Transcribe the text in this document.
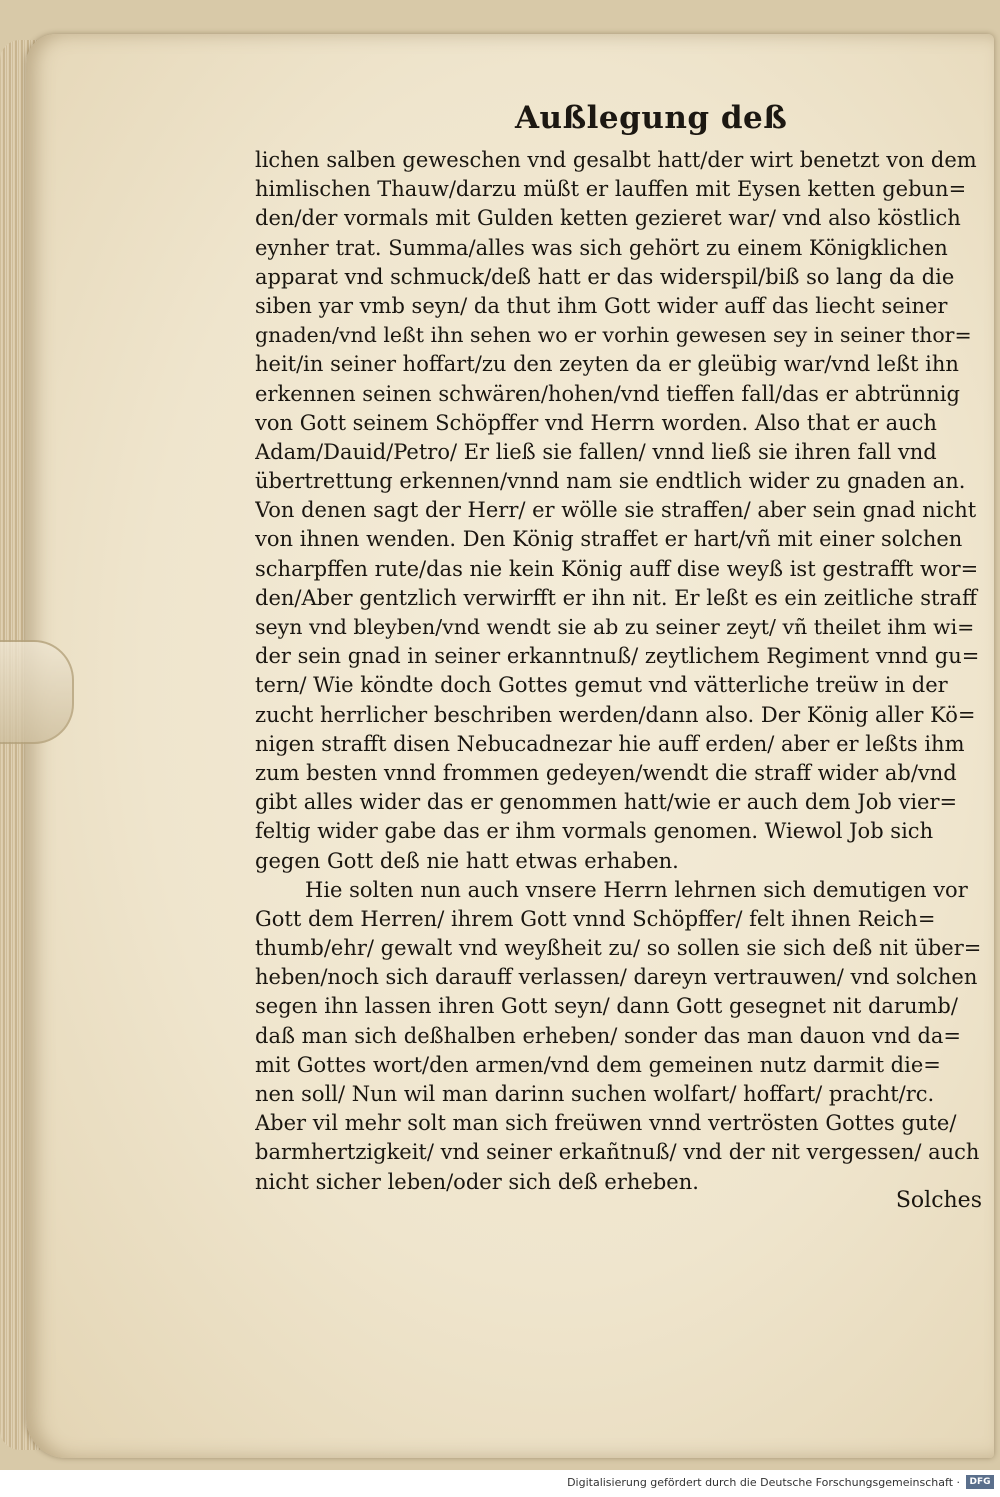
Außlegung deß
lichen salben geweschen vnd gesalbt hatt/der wirt benetzt von dem
himlischen Thauw/darzu müßt er lauffen mit Eysen ketten gebun=
den/der vormals mit Gulden ketten gezieret war/ vnd also köstlich
eynher trat. Summa/alles was sich gehört zu einem Königklichen
apparat vnd schmuck/deß hatt er das widerspil/biß so lang da die
siben yar vmb seyn/ da thut ihm Gott wider auff das liecht seiner
gnaden/vnd leßt ihn sehen wo er vorhin gewesen sey in seiner thor=
heit/in seiner hoffart/zu den zeyten da er gleübig war/vnd leßt ihn
erkennen seinen schwären/hohen/vnd tieffen fall/das er abtrünnig
von Gott seinem Schöpffer vnd Herrn worden. Also that er auch
Adam/Dauid/Petro/ Er ließ sie fallen/ vnnd ließ sie ihren fall vnd
übertrettung erkennen/vnnd nam sie endtlich wider zu gnaden an.
Von denen sagt der Herr/ er wölle sie straffen/ aber sein gnad nicht
von ihnen wenden. Den König straffet er hart/vñ mit einer solchen
scharpffen rute/das nie kein König auff dise weyß ist gestrafft wor=
den/Aber gentzlich verwirfft er ihn nit. Er leßt es ein zeitliche straff
seyn vnd bleyben/vnd wendt sie ab zu seiner zeyt/ vñ theilet ihm wi=
der sein gnad in seiner erkanntnuß/ zeytlichem Regiment vnnd gu=
tern/ Wie köndte doch Gottes gemut vnd vätterliche treüw in der
zucht herrlicher beschriben werden/dann also. Der König aller Kö=
nigen strafft disen Nebucadnezar hie auff erden/ aber er leßts ihm
zum besten vnnd frommen gedeyen/wendt die straff wider ab/vnd
gibt alles wider das er genommen hatt/wie er auch dem Job vier=
feltig wider gabe das er ihm vormals genomen. Wiewol Job sich
gegen Gott deß nie hatt etwas erhaben.
Hie solten nun auch vnsere Herrn lehrnen sich demutigen vor
Gott dem Herren/ ihrem Gott vnnd Schöpffer/ felt ihnen Reich=
thumb/ehr/ gewalt vnd weyßheit zu/ so sollen sie sich deß nit über=
heben/noch sich darauff verlassen/ dareyn vertrauwen/ vnd solchen
segen ihn lassen ihren Gott seyn/ dann Gott gesegnet nit darumb/
daß man sich deßhalben erheben/ sonder das man dauon vnd da=
mit Gottes wort/den armen/vnd dem gemeinen nutz darmit die=
nen soll/ Nun wil man darinn suchen wolfart/ hoffart/ pracht/rc.
Aber vil mehr solt man sich freüwen vnnd vertrösten Gottes gute/
barmhertzigkeit/ vnd seiner erkañtnuß/ vnd der nit vergessen/ auch
nicht sicher leben/oder sich deß erheben.
Solches
Digitalisierung gefördert durch die Deutsche Forschungsgemeinschaft ·	DFG
